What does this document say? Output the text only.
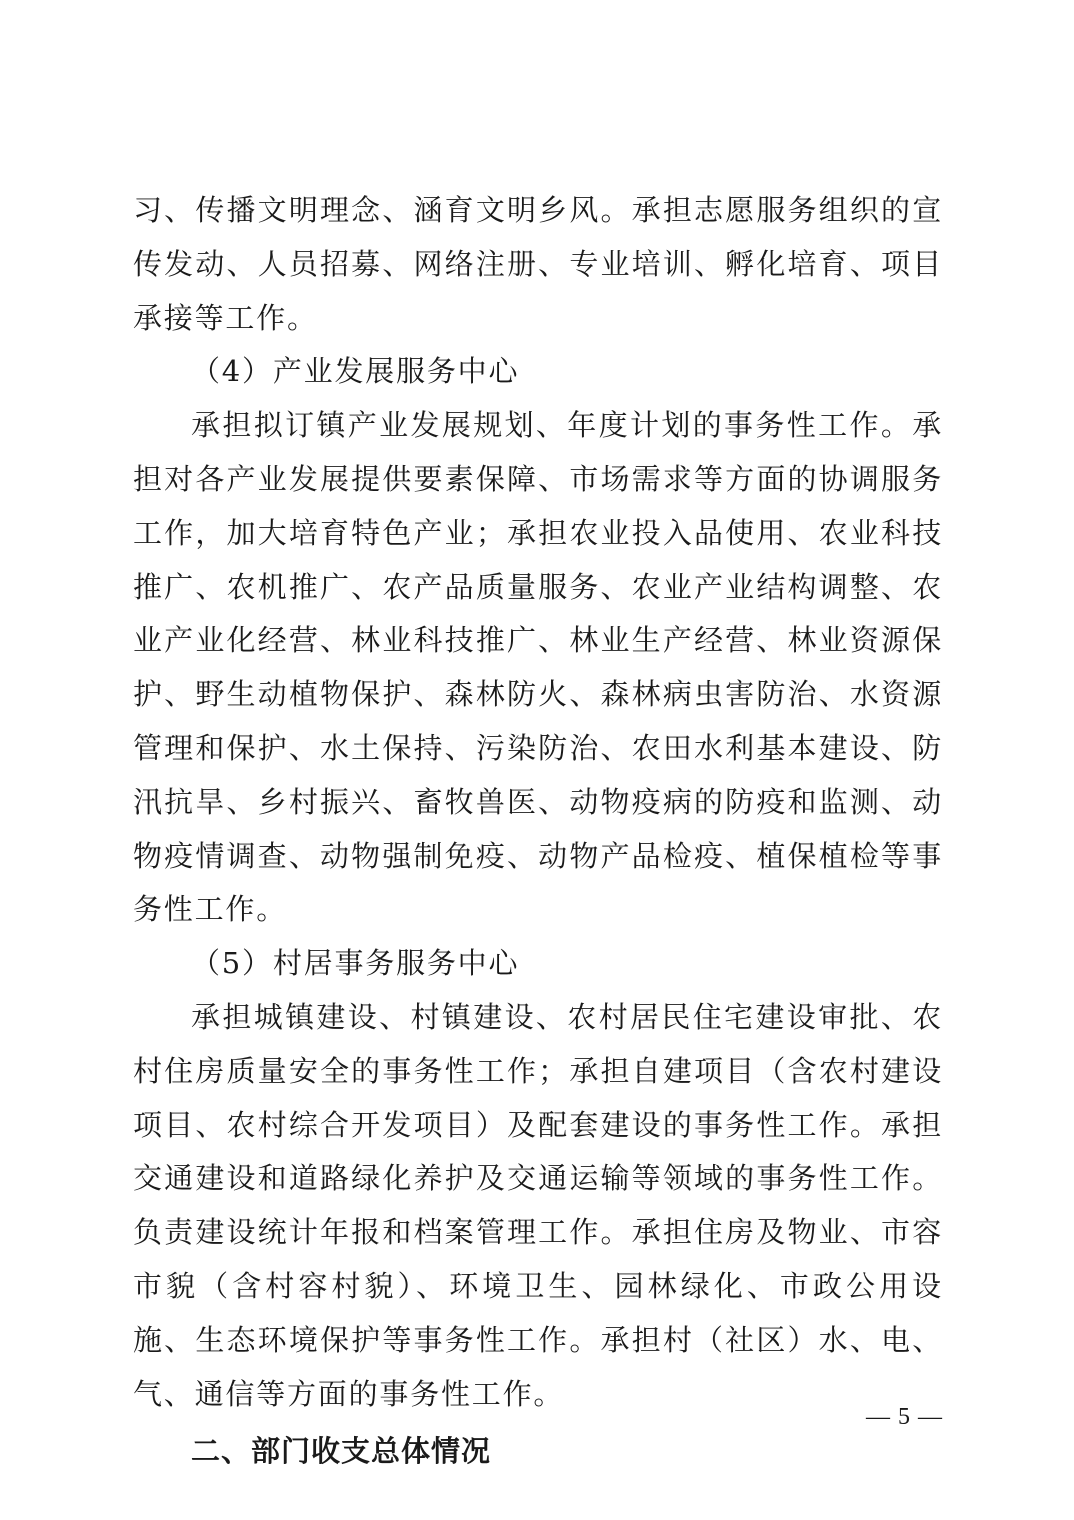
习、传播文明理念、涵育文明乡风。承担志愿服务组织的宣传发动、人员招募、网络注册、专业培训、孵化培育、项目承接等工作。

（4）产业发展服务中心

承担拟订镇产业发展规划、年度计划的事务性工作。承担对各产业发展提供要素保障、市场需求等方面的协调服务工作，加大培育特色产业；承担农业投入品使用、农业科技推广、农机推广、农产品质量服务、农业产业结构调整、农业产业化经营、林业科技推广、林业生产经营、林业资源保护、野生动植物保护、森林防火、森林病虫害防治、水资源管理和保护、水土保持、污染防治、农田水利基本建设、防汛抗旱、乡村振兴、畜牧兽医、动物疫病的防疫和监测、动物疫情调查、动物强制免疫、动物产品检疫、植保植检等事务性工作。

（5）村居事务服务中心

承担城镇建设、村镇建设、农村居民住宅建设审批、农村住房质量安全的事务性工作；承担自建项目（含农村建设项目、农村综合开发项目）及配套建设的事务性工作。承担交通建设和道路绿化养护及交通运输等领域的事务性工作。负责建设统计年报和档案管理工作。承担住房及物业、市容市貌（含村容村貌）、环境卫生、园林绿化、市政公用设施、生态环境保护等事务性工作。承担村（社区）水、电、气、通信等方面的事务性工作。

二、部门收支总体情况

— 5 —
